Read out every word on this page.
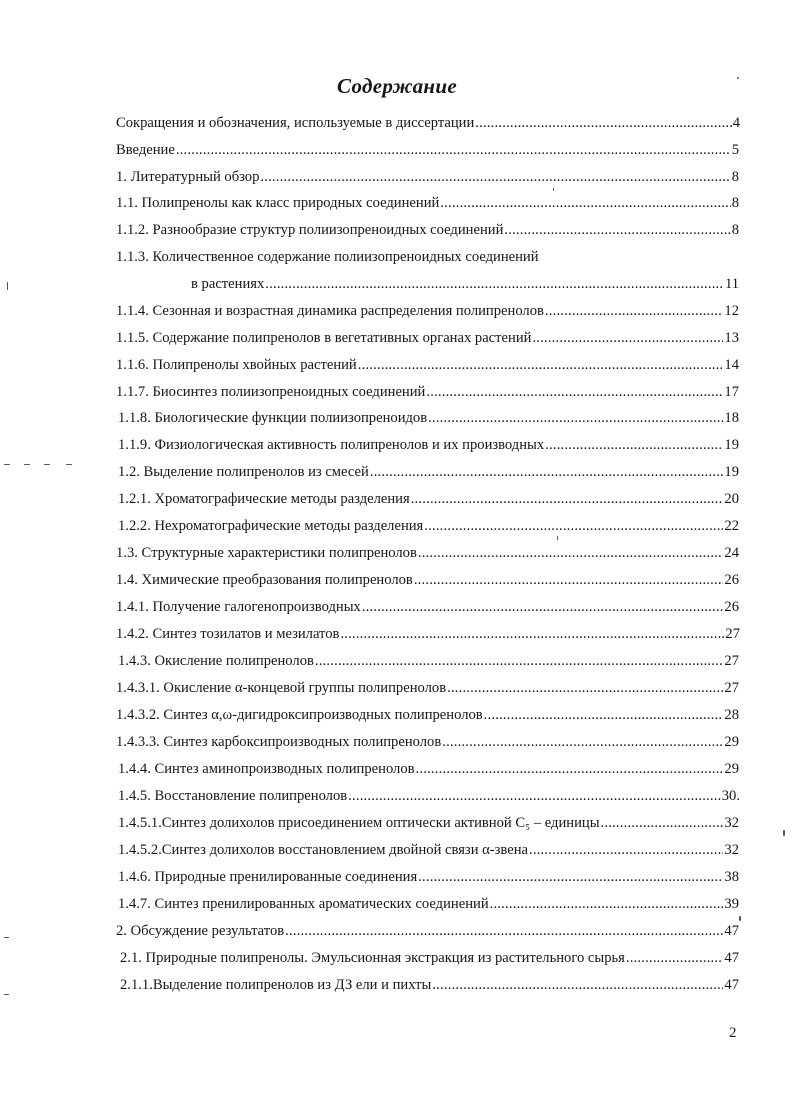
Содержание
Сокращения и обозначения, используемые в диссертации .....	4
Введение .....	5
1. Литературный обзор .....	8
1.1. Полипренолы как класс природных соединений .....	8
1.1.2. Разнообразие структур полиизопреноидных соединений .....	8
1.1.3. Количественное содержание полиизопреноидных соединений
в растениях .....	11
1.1.4. Сезонная и возрастная динамика распределения полипренолов .....	12
1.1.5. Содержание полипренолов в вегетативных органах растений .....	13
1.1.6. Полипренолы хвойных растений .....	14
1.1.7. Биосинтез полиизопреноидных соединений .....	17
1.1.8. Биологические функции полиизопреноидов .....	18
1.1.9. Физиологическая активность полипренолов и их производных .....	19
1.2. Выделение полипренолов из смесей .....	19
1.2.1. Хроматографические методы разделения .....	20
1.2.2. Нехроматографические методы разделения .....	22
1.3. Структурные характеристики полипренолов .....	24
1.4. Химические преобразования полипренолов .....	26
1.4.1. Получение галогенопроизводных .....	26
1.4.2. Синтез тозилатов и мезилатов .....	27
1.4.3. Окисление полипренолов .....	27
1.4.3.1. Окисление α-концевой группы полипренолов .....	27
1.4.3.2. Синтез α,ω-дигидроксипроизводных полипренолов .....	28
1.4.3.3. Синтез карбоксипроизводных полипренолов .....	29
1.4.4. Синтез аминопроизводных полипренолов .....	29
1.4.5. Восстановление полипренолов .....	30.
1.4.5.1.Синтез долихолов присоединением оптически активной C₅ – единицы .....	32
1.4.5.2.Синтез долихолов восстановлением двойной связи α-звена .....	32
1.4.6. Природные пренилированные соединения .....	38
1.4.7. Синтез пренилированных ароматических соединений .....	39
2. Обсуждение результатов .....	47
2.1. Природные полипренолы. Эмульсионная экстракция из растительного сырья .....	47
2.1.1.Выделение полипренолов из ДЗ ели и пихты .....	47
2
